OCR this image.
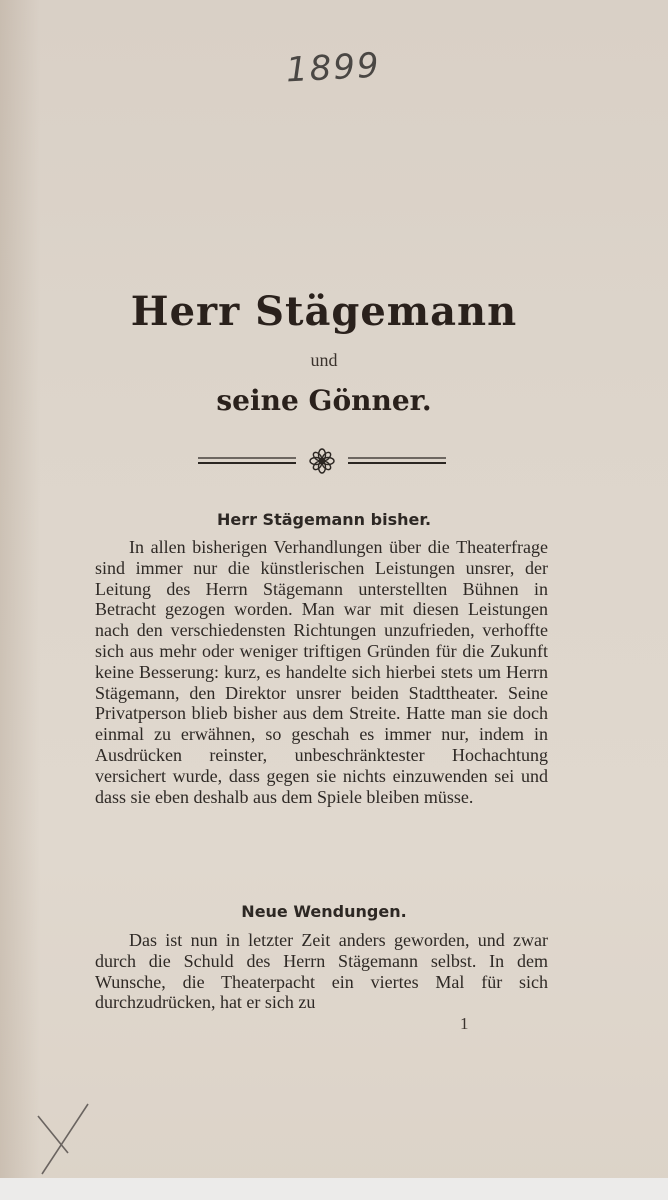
1899
Herr Stägemann
und
seine Gönner.
Herr Stägemann bisher.

In allen bisherigen Verhandlungen über die Theaterfrage sind immer nur die künstlerischen Leistungen unsrer, der Leitung des Herrn Stägemann unterstellten Bühnen in Betracht gezogen worden. Man war mit diesen Leistungen nach den verschiedensten Richtungen unzufrieden, verhoffte sich aus mehr oder weniger triftigen Gründen für die Zukunft keine Besserung: kurz, es handelte sich hierbei stets um Herrn Stägemann, den Direktor unsrer beiden Stadttheater. Seine Privatperson blieb bisher aus dem Streite. Hatte man sie doch einmal zu erwähnen, so geschah es immer nur, indem in Ausdrücken reinster, unbeschränktester Hochachtung versichert wurde, dass gegen sie nichts einzuwenden sei und dass sie eben deshalb aus dem Spiele bleiben müsse.

Neue Wendungen.

Das ist nun in letzter Zeit anders geworden, und zwar durch die Schuld des Herrn Stägemann selbst. In dem Wunsche, die Theaterpacht ein viertes Mal für sich durchzudrücken, hat er sich zu

1
